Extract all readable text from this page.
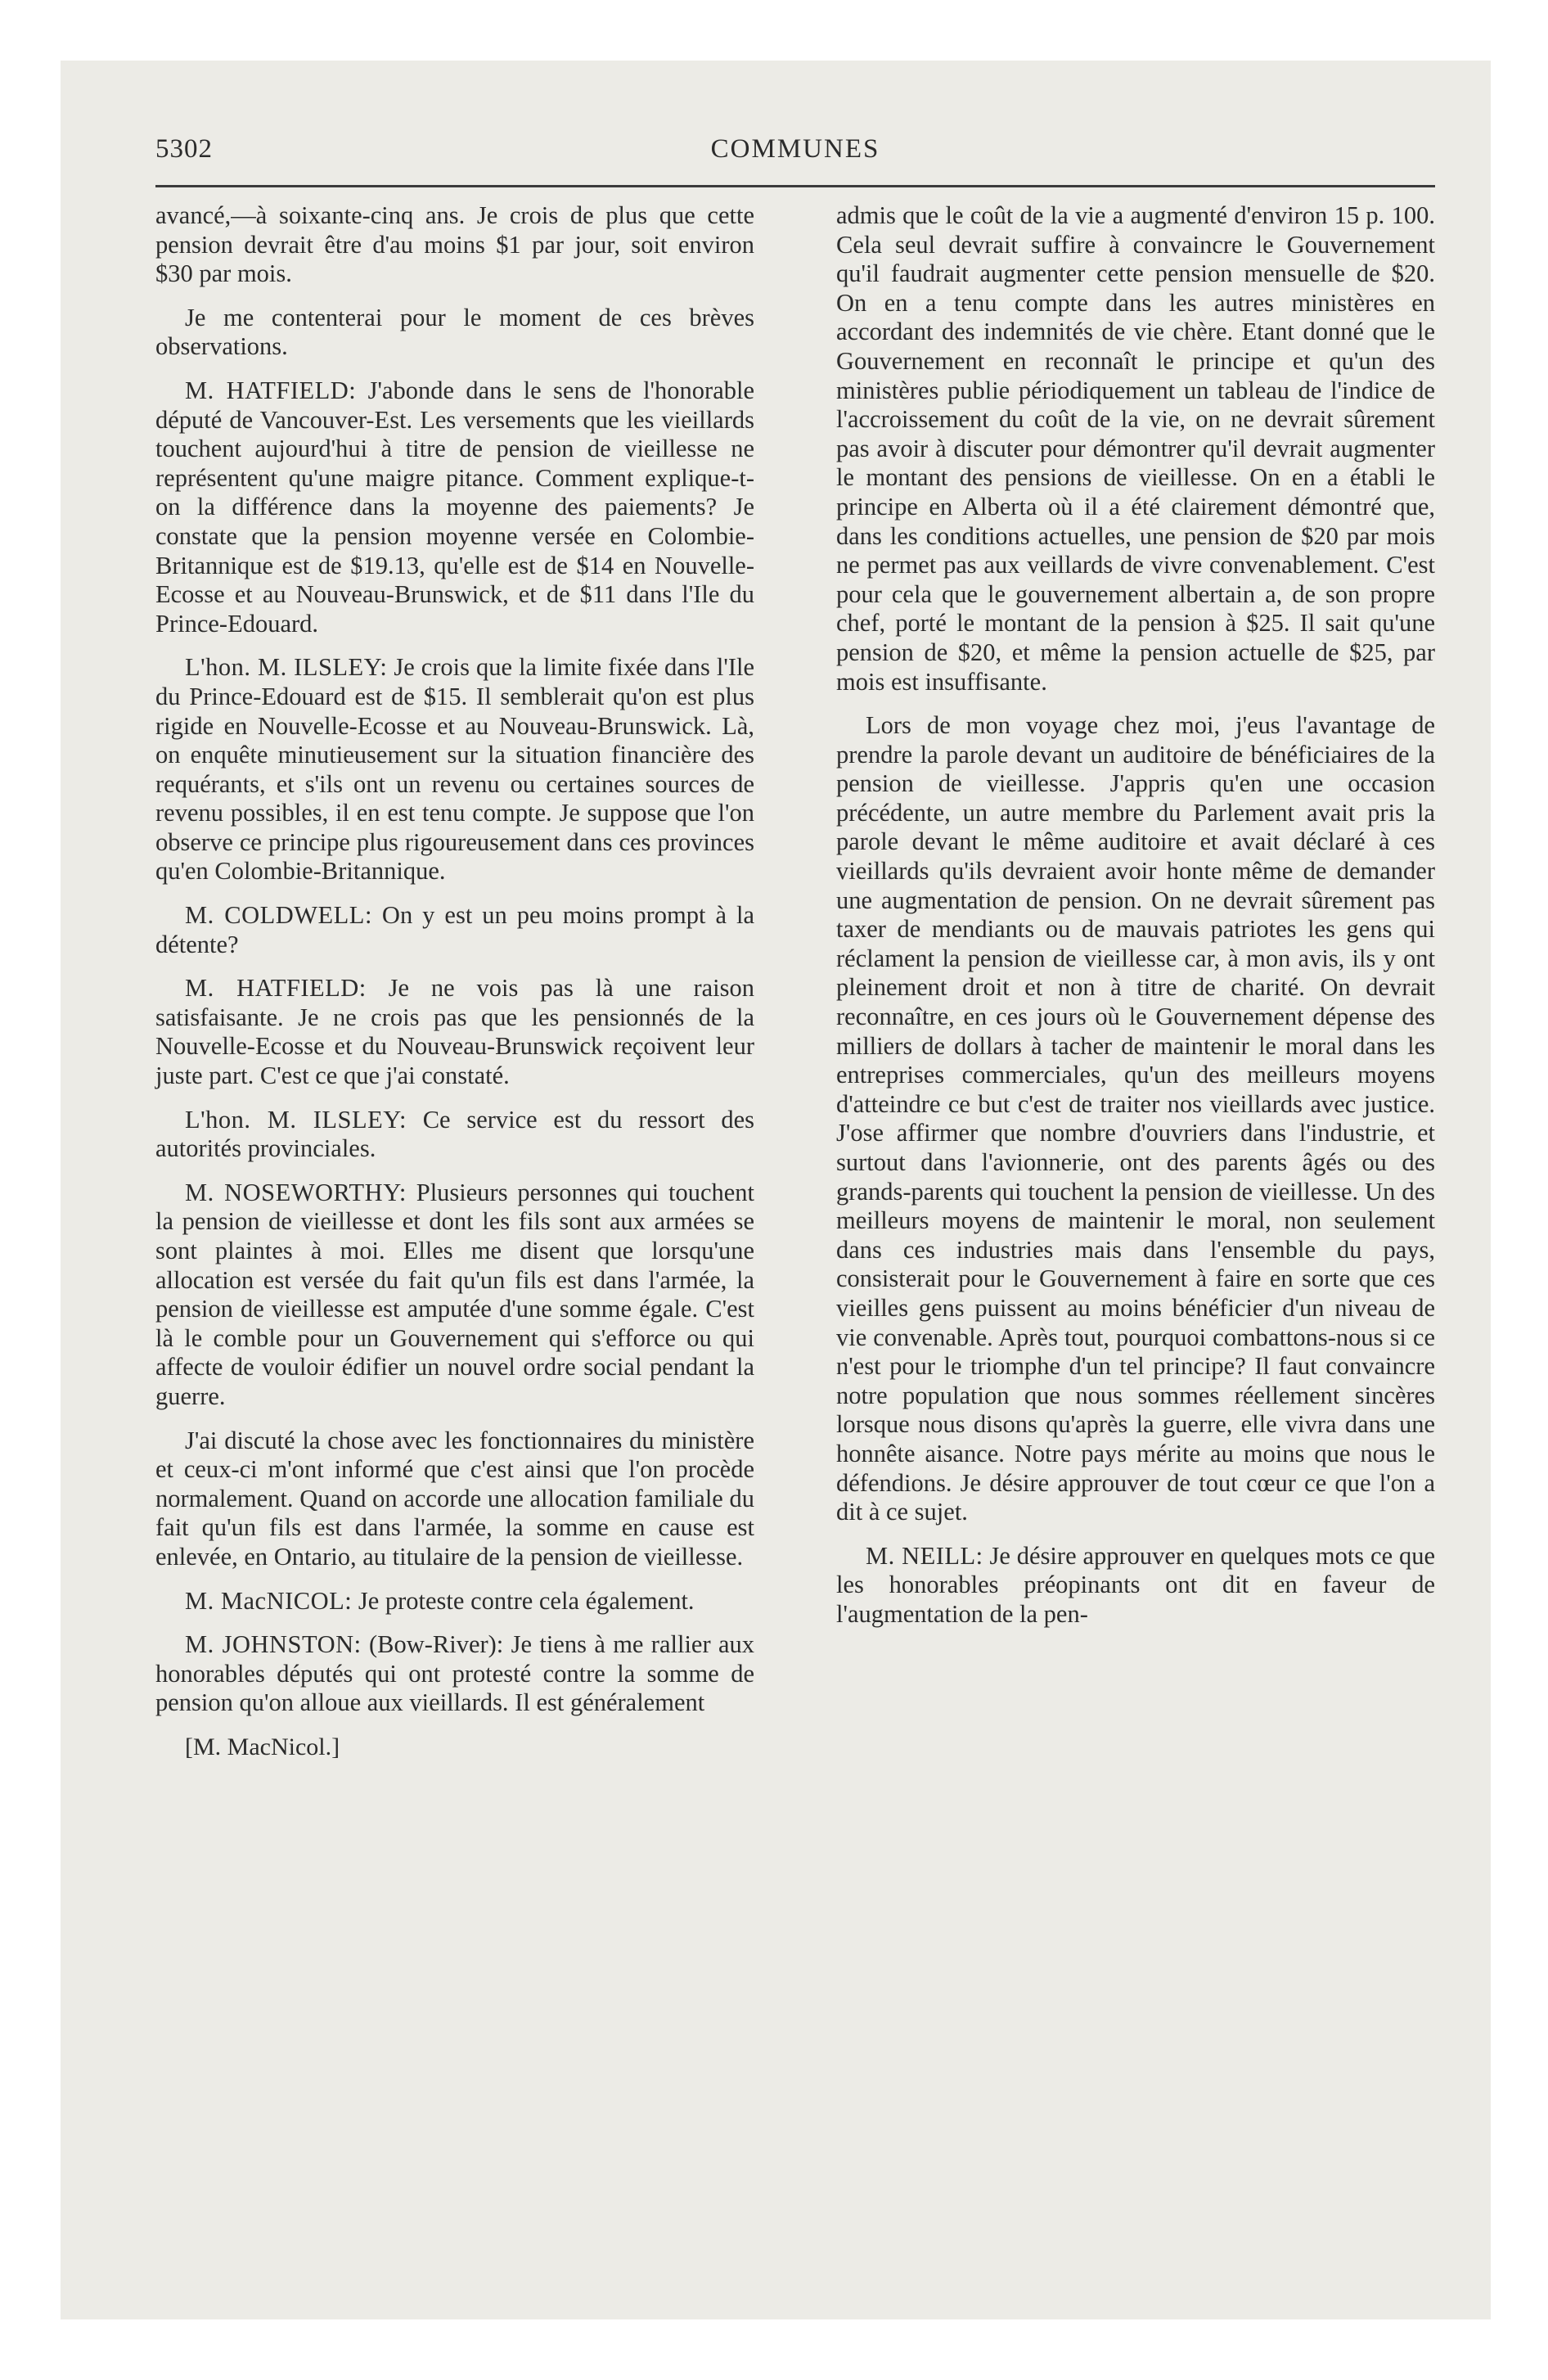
5302	COMMUNES

avancé,—à soixante-cinq ans. Je crois de plus que cette pension devrait être d'au moins $1 par jour, soit environ $30 par mois.

Je me contenterai pour le moment de ces brèves observations.

M. HATFIELD: J'abonde dans le sens de l'honorable député de Vancouver-Est. Les versements que les vieillards touchent aujourd'hui à titre de pension de vieillesse ne représentent qu'une maigre pitance. Comment explique-t-on la différence dans la moyenne des paiements? Je constate que la pension moyenne versée en Colombie-Britannique est de $19.13, qu'elle est de $14 en Nouvelle-Ecosse et au Nouveau-Brunswick, et de $11 dans l'Ile du Prince-Edouard.

L'hon. M. ILSLEY: Je crois que la limite fixée dans l'Ile du Prince-Edouard est de $15. Il semblerait qu'on est plus rigide en Nouvelle-Ecosse et au Nouveau-Brunswick. Là, on enquête minutieusement sur la situation financière des requérants, et s'ils ont un revenu ou certaines sources de revenu possibles, il en est tenu compte. Je suppose que l'on observe ce principe plus rigoureusement dans ces provinces qu'en Colombie-Britannique.

M. COLDWELL: On y est un peu moins prompt à la détente?

M. HATFIELD: Je ne vois pas là une raison satisfaisante. Je ne crois pas que les pensionnés de la Nouvelle-Ecosse et du Nouveau-Brunswick reçoivent leur juste part. C'est ce que j'ai constaté.

L'hon. M. ILSLEY: Ce service est du ressort des autorités provinciales.

M. NOSEWORTHY: Plusieurs personnes qui touchent la pension de vieillesse et dont les fils sont aux armées se sont plaintes à moi. Elles me disent que lorsqu'une allocation est versée du fait qu'un fils est dans l'armée, la pension de vieillesse est amputée d'une somme égale. C'est là le comble pour un Gouvernement qui s'efforce ou qui affecte de vouloir édifier un nouvel ordre social pendant la guerre.

J'ai discuté la chose avec les fonctionnaires du ministère et ceux-ci m'ont informé que c'est ainsi que l'on procède normalement. Quand on accorde une allocation familiale du fait qu'un fils est dans l'armée, la somme en cause est enlevée, en Ontario, au titulaire de la pension de vieillesse.

M. MacNICOL: Je proteste contre cela également.

M. JOHNSTON: (Bow-River): Je tiens à me rallier aux honorables députés qui ont protesté contre la somme de pension qu'on alloue aux vieillards. Il est généralement

[M. MacNicol.]

admis que le coût de la vie a augmenté d'environ 15 p. 100. Cela seul devrait suffire à convaincre le Gouvernement qu'il faudrait augmenter cette pension mensuelle de $20. On en a tenu compte dans les autres ministères en accordant des indemnités de vie chère. Etant donné que le Gouvernement en reconnaît le principe et qu'un des ministères publie périodiquement un tableau de l'indice de l'accroissement du coût de la vie, on ne devrait sûrement pas avoir à discuter pour démontrer qu'il devrait augmenter le montant des pensions de vieillesse. On en a établi le principe en Alberta où il a été clairement démontré que, dans les conditions actuelles, une pension de $20 par mois ne permet pas aux veillards de vivre convenablement. C'est pour cela que le gouvernement albertain a, de son propre chef, porté le montant de la pension à $25. Il sait qu'une pension de $20, et même la pension actuelle de $25, par mois est insuffisante.

Lors de mon voyage chez moi, j'eus l'avantage de prendre la parole devant un auditoire de bénéficiaires de la pension de vieillesse. J'appris qu'en une occasion précédente, un autre membre du Parlement avait pris la parole devant le même auditoire et avait déclaré à ces vieillards qu'ils devraient avoir honte même de demander une augmentation de pension. On ne devrait sûrement pas taxer de mendiants ou de mauvais patriotes les gens qui réclament la pension de vieillesse car, à mon avis, ils y ont pleinement droit et non à titre de charité. On devrait reconnaître, en ces jours où le Gouvernement dépense des milliers de dollars à tacher de maintenir le moral dans les entreprises commerciales, qu'un des meilleurs moyens d'atteindre ce but c'est de traiter nos vieillards avec justice. J'ose affirmer que nombre d'ouvriers dans l'industrie, et surtout dans l'avionnerie, ont des parents âgés ou des grands-parents qui touchent la pension de vieillesse. Un des meilleurs moyens de maintenir le moral, non seulement dans ces industries mais dans l'ensemble du pays, consisterait pour le Gouvernement à faire en sorte que ces vieilles gens puissent au moins bénéficier d'un niveau de vie convenable. Après tout, pourquoi combattons-nous si ce n'est pour le triomphe d'un tel principe? Il faut convaincre notre population que nous sommes réellement sincères lorsque nous disons qu'après la guerre, elle vivra dans une honnête aisance. Notre pays mérite au moins que nous le défendions. Je désire approuver de tout cœur ce que l'on a dit à ce sujet.

M. NEILL: Je désire approuver en quelques mots ce que les honorables préopinants ont dit en faveur de l'augmentation de la pen-
